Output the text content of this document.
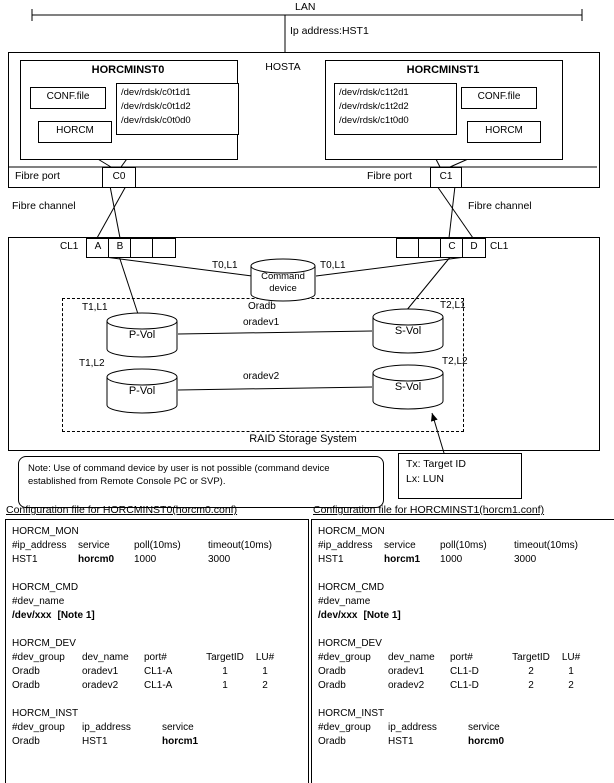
LAN
Ip address:HST1
HOSTA
HORCMINST0
CONF.file	/dev/rdsk/c0t1d1
/dev/rdsk/c0t1d2
/dev/rdsk/c0t0d0
HORCM
HORCMINST1
/dev/rdsk/c1t2d1
/dev/rdsk/c1t2d2
/dev/rdsk/c1t0d0
CONF.file
HORCM
Fibre port	C0	Fibre port	C1
Fibre channel	Fibre channel
CL1	A	B	C	D	CL1
Command device
T0,L1	T0,L1
Oradb
T1,L1
P-Vol
oradev1
T2,L1
S-Vol
T1,L2
P-Vol
oradev2
T2,L2
S-Vol
RAID Storage System
Note: Use of command device by user is not possible (command device established from Remote Console PC or SVP).
Tx: Target ID
Lx: LUN
Configuration file for HORCMINST0(horcm0.conf)
HORCM_MON
#ip_address service poll(10ms)	timeout(10ms)
HST1	horcm0 1000	3000
HORCM_CMD
#dev_name
/dev/xxx [Note 1]
HORCM_DEV
#dev_group dev_name port#	TargetID LU#
Oradb	oradev1	CL1-A	1	1
Oradb	oradev2	CL1-A	1	2
HORCM_INST
#dev_group ip_address	service
Oradb	HST1	horcm1
Configuration file for HORCMINST1(horcm1.conf)
HORCM_MON
#ip_address service poll(10ms)	timeout(10ms)
HST1	horcm1 1000	3000
HORCM_CMD
#dev_name
/dev/xxx [Note 1]
HORCM_DEV
#dev_group dev_name port#	TargetID LU#
Oradb	oradev1	CL1-D	2	1
Oradb	oradev2	CL1-D	2	2
HORCM_INST
#dev_group ip_address	service
Oradb	HST1	horcm0
